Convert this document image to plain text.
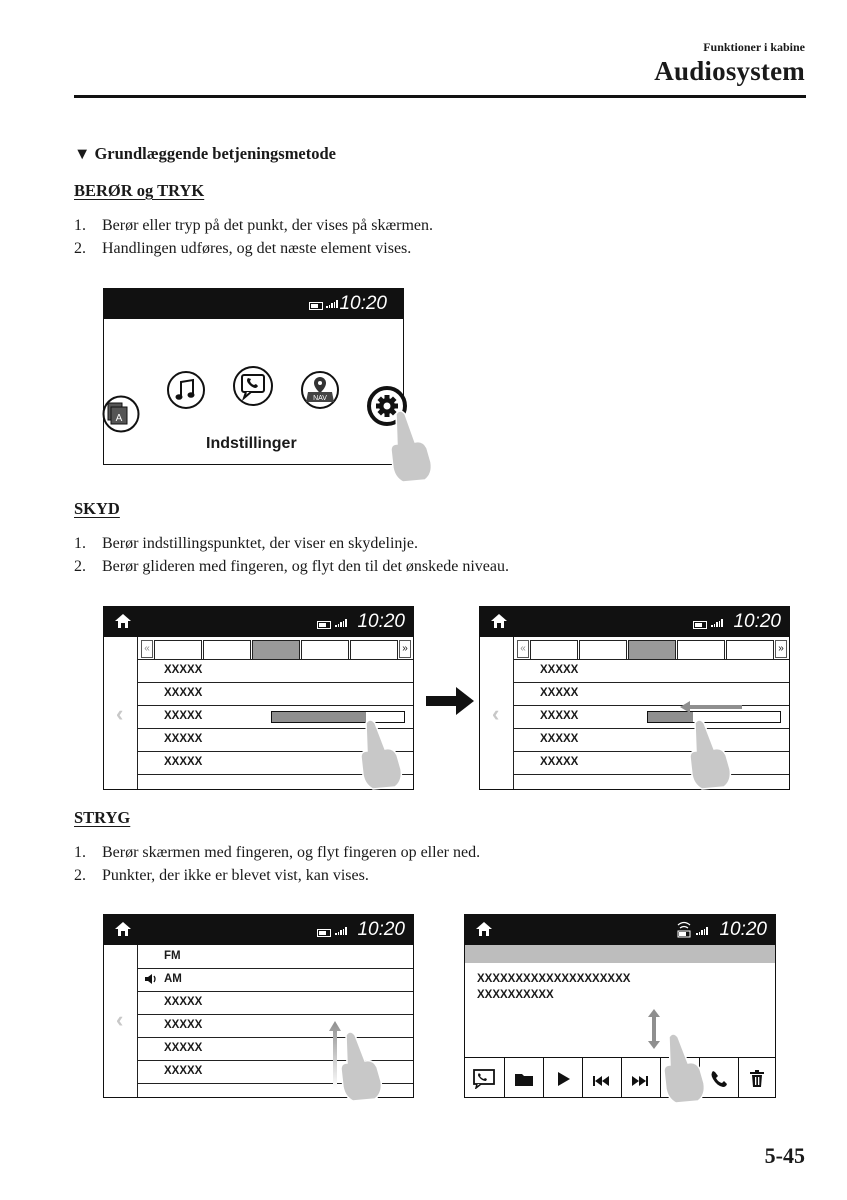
Funktioner i kabine
Audiosystem
▼ Grundlæggende betjeningsmetode
BERØR og TRYK
1. Berør eller tryp på det punkt, der vises på skærmen.
2. Handlingen udføres, og det næste element vises.
10:20
A
NAV
Indstillinger
SKYD
1. Berør indstillingspunktet, der viser en skydelinje.
2. Berør glideren med fingeren, og flyt den til det ønskede niveau.
10:20
‹
«	»
XXXXX
XXXXX
XXXXX
XXXXX
XXXXX
10:20
‹
«	»
XXXXX
XXXXX
XXXXX
XXXXX
XXXXX
STRYG
1. Berør skærmen med fingeren, og flyt fingeren op eller ned.
2. Punkter, der ikke er blevet vist, kan vises.
10:20
‹
FM
AM
XXXXX
XXXXX
XXXXX
XXXXX
10:20
XXXXXXXXXXXXXXXXXXXX
XXXXXXXXXX
5-45
